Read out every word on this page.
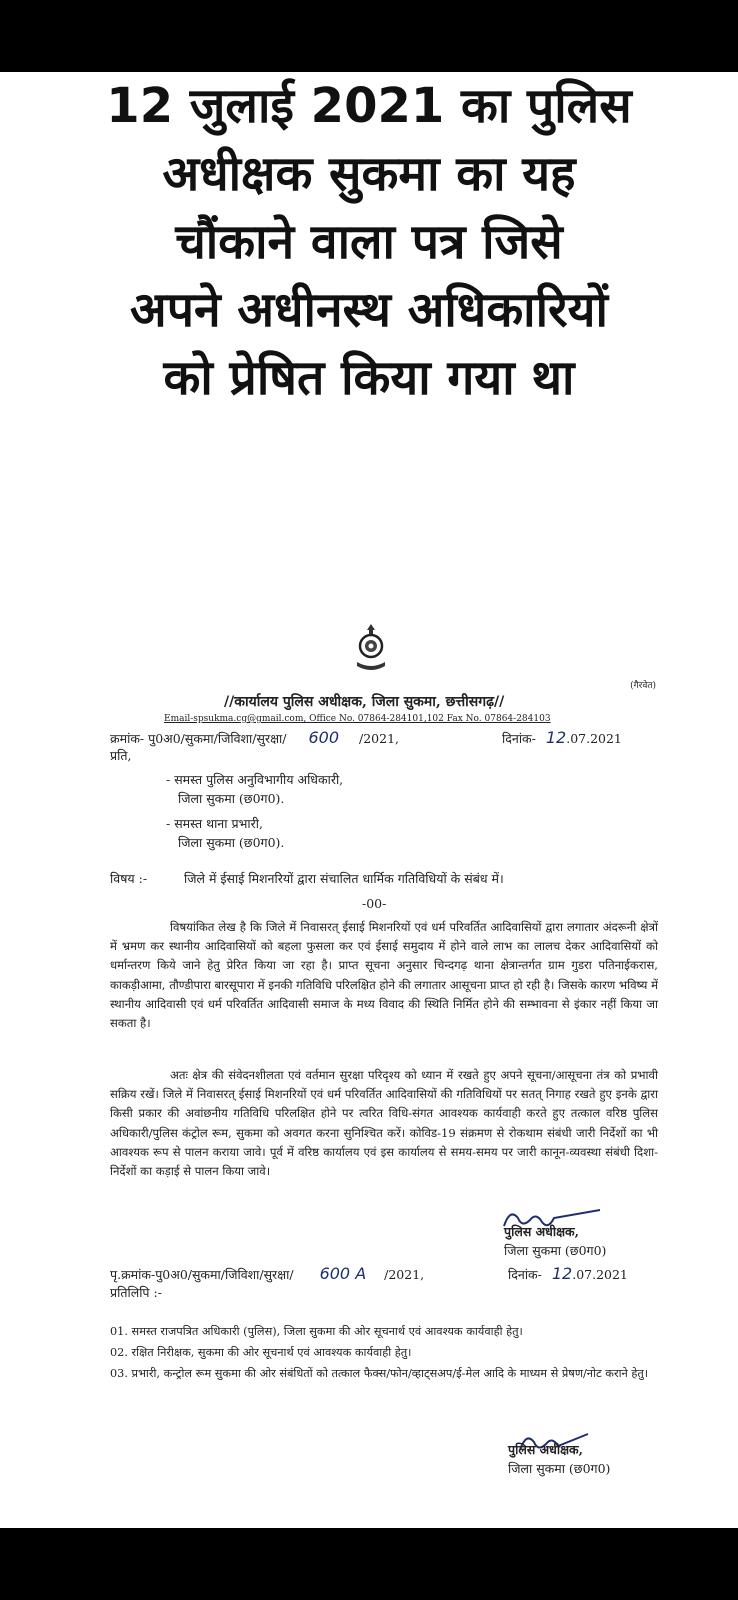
12 जुलाई 2021 का पुलिस
अधीक्षक सुकमा का यह
चौंकाने वाला पत्र जिसे
अपने अधीनस्थ अधिकारियों
को प्रेषित किया गया था
(गैरवेत)
//कार्यालय पुलिस अधीक्षक, जिला सुकमा, छत्तीसगढ़//
Email-spsukma.cg@gmail.com, Office No. 07864-284101,102 Fax No. 07864-284103
क्रमांक- पु0अ0/सुकमा/जिविशा/सुरक्षा/ 600 /2021,	दिनांक- 12.07.2021
प्रति,
- समस्त पुलिस अनुविभागीय अधिकारी,
जिला सुकमा (छ0ग0).
- समस्त थाना प्रभारी,
जिला सुकमा (छ0ग0).
विषय :-	जिले में ईसाई मिशनरियों द्वारा संचालित धार्मिक गतिविधियों के संबंध में।
-00-

विषयांकित लेख है कि जिले में निवासरत् ईसाई मिशनरियों एवं धर्म परिवर्तित आदिवासियों द्वारा लगातार अंदरूनी क्षेत्रों में भ्रमण कर स्थानीय आदिवासियों को बहला फुसला कर एवं ईसाई समुदाय में होने वाले लाभ का लालच देकर आदिवासियों को धर्मान्तरण किये जाने हेतु प्रेरित किया जा रहा है। प्राप्त सूचना अनुसार चिन्दगढ़ थाना क्षेत्रान्तर्गत ग्राम गुडरा पतिनाईकरास, काकड़ीआमा, तौण्डीपारा बारसूपारा में इनकी गतिविधि परिलक्षित होने की लगातार आसूचना प्राप्त हो रही है। जिसके कारण भविष्य में स्थानीय आदिवासी एवं धर्म परिवर्तित आदिवासी समाज के मध्य विवाद की स्थिति निर्मित होने की सम्भावना से इंकार नहीं किया जा सकता है।

अतः क्षेत्र की संवेदनशीलता एवं वर्तमान सुरक्षा परिदृश्य को ध्यान में रखते हुए अपने सूचना/आसूचना तंत्र को प्रभावी सक्रिय रखें। जिले में निवासरत् ईसाई मिशनरियों एवं धर्म परिवर्तित आदिवासियों की गतिविधियों पर सतत् निगाह रखते हुए इनके द्वारा किसी प्रकार की अवांछनीय गतिविधि परिलक्षित होने पर त्वरित विधि-संगत आवश्यक कार्यवाही करते हुए तत्काल वरिष्ठ पुलिस अधिकारी/पुलिस कंट्रोल रूम, सुकमा को अवगत करना सुनिश्चित करें। कोविड-19 संक्रमण से रोकथाम संबंधी जारी निर्देशों का भी आवश्यक रूप से पालन कराया जावे। पूर्व में वरिष्ठ कार्यालय एवं इस कार्यालय से समय-समय पर जारी कानून-व्यवस्था संबंधी दिशा-निर्देशों का कड़ाई से पालन किया जावे।

पुलिस अधीक्षक,
जिला सुकमा (छ0ग0)
पृ.क्रमांक-पु0अ0/सुकमा/जिविशा/सुरक्षा/ 600 A /2021,	दिनांक- 12.07.2021
प्रतिलिपि :-
01. समस्त राजपत्रित अधिकारी (पुलिस), जिला सुकमा की ओर सूचनार्थ एवं आवश्यक कार्यवाही हेतु।
02. रक्षित निरीक्षक, सुकमा की ओर सूचनार्थ एवं आवश्यक कार्यवाही हेतु।
03. प्रभारी, कन्ट्रोल रूम सुकमा की ओर संबंधितों को तत्काल फैक्स/फोन/व्हाट्सअप/ई-मेल आदि के माध्यम से प्रेषण/नोट कराने हेतु।
पुलिस अधीक्षक,
जिला सुकमा (छ0ग0)
